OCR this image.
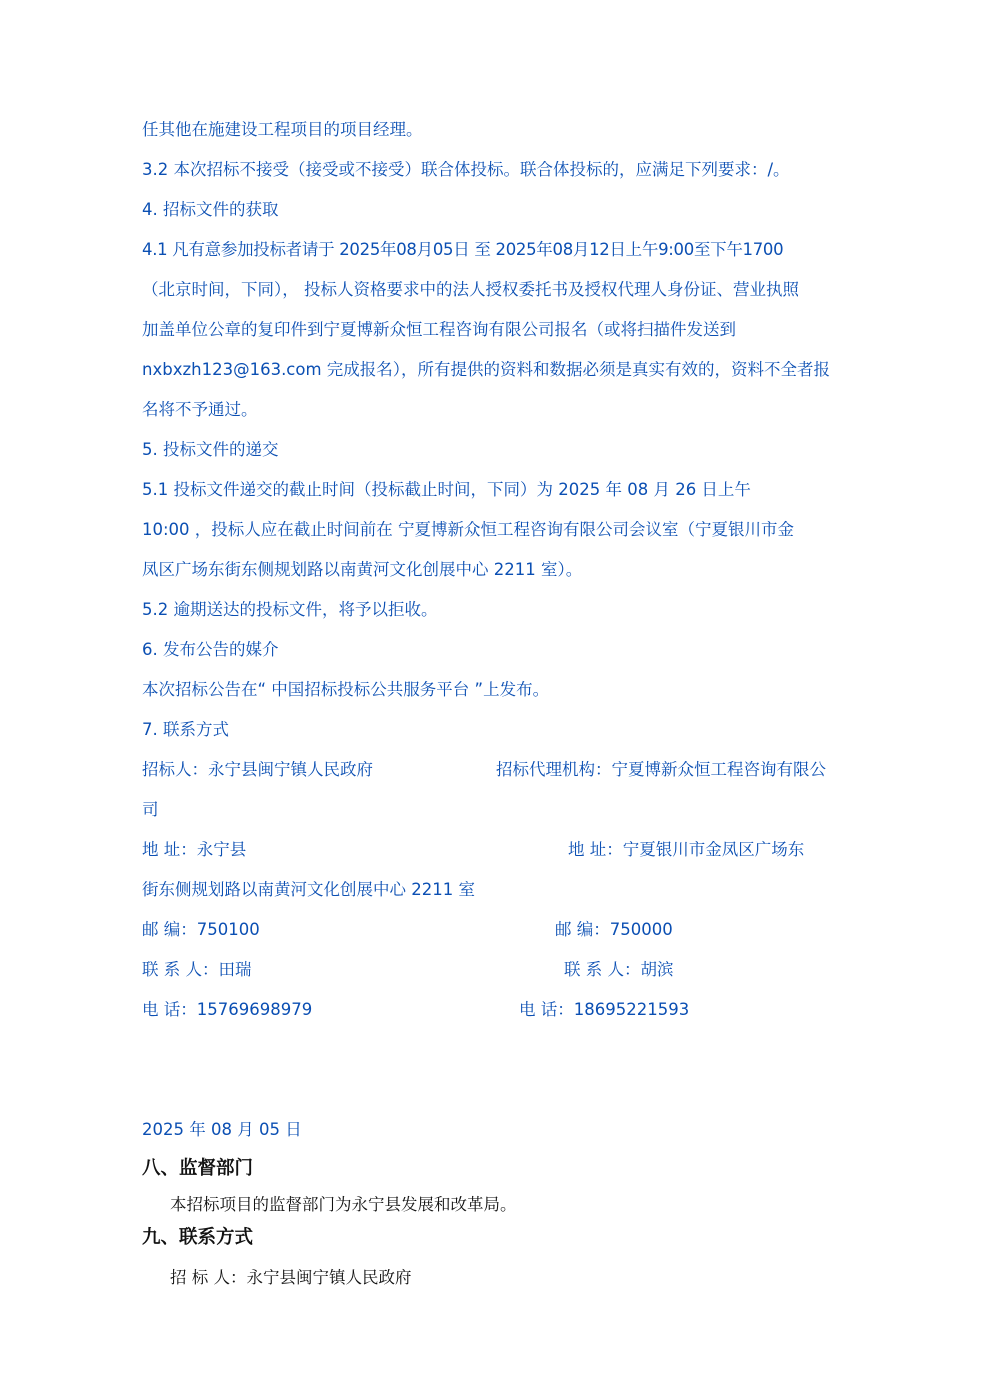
任其他在施建设工程项目的项目经理。
3.2 本次招标不接受（接受或不接受）联合体投标。联合体投标的，应满足下列要求：/。
4. 招标文件的获取
4.1 凡有意参加投标者请于 2025年08月05日 至 2025年08月12日上午9:00至下午1700
（北京时间，下同）， 投标人资格要求中的法人授权委托书及授权代理人身份证、营业执照
加盖单位公章的复印件到宁夏博新众恒工程咨询有限公司报名（或将扫描件发送到
nxbxzh123@163.com 完成报名），所有提供的资料和数据必须是真实有效的，资料不全者报
名将不予通过。
5. 投标文件的递交
5.1 投标文件递交的截止时间（投标截止时间，下同）为 2025 年 08 月 26 日上午
10:00 ，投标人应在截止时间前在 宁夏博新众恒工程咨询有限公司会议室（宁夏银川市金
凤区广场东街东侧规划路以南黄河文化创展中心 2211 室）。
5.2 逾期送达的投标文件，将予以拒收。
6. 发布公告的媒介
本次招标公告在“ 中国招标投标公共服务平台 ”上发布。
7. 联系方式
招标人：永宁县闽宁镇人民政府	招标代理机构：宁夏博新众恒工程咨询有限公
司
地 址：永宁县	地 址：宁夏银川市金凤区广场东
街东侧规划路以南黄河文化创展中心 2211 室
邮 编：750100	邮 编：750000
联 系 人：田瑞	联 系 人：胡滨
电 话：15769698979	电 话：18695221593
2025 年 08 月 05 日
八、监督部门
本招标项目的监督部门为永宁县发展和改革局。
九、联系方式
招 标 人：永宁县闽宁镇人民政府
